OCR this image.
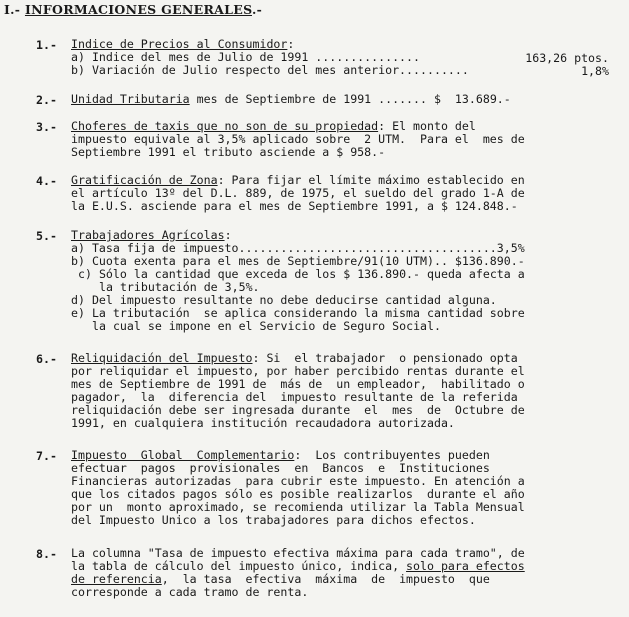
I.- INFORMACIONES GENERALES.-
1.- Indice de Precios al Consumidor:
a) Indice del mes de Julio de 1991 ...............	163,26 ptos.
b) Variación de Julio respecto del mes anterior..........	1,8%
2.- Unidad Tributaria mes de Septiembre de 1991 ....... $  13.689.-
3.- Choferes de taxis que no son de su propiedad: El monto del
impuesto equivale al 3,5% aplicado sobre  2 UTM.  Para el  mes de
Septiembre 1991 el tributo asciende a $ 958.-
4.- Gratificación de Zona: Para fijar el límite máximo establecido en
el artículo 13º del D.L. 889, de 1975, el sueldo del grado 1-A de
la E.U.S. asciende para el mes de Septiembre 1991, a $ 124.848.-
5.- Trabajadores Agrícolas:
a) Tasa fija de impuesto.....................................3,5%
b) Cuota exenta para el mes de Septiembre/91(10 UTM).. $136.890.-
c) Sólo la cantidad que exceda de los $ 136.890.- queda afecta a
la tributación de 3,5%.
d) Del impuesto resultante no debe deducirse cantidad alguna.
e) La tributación  se aplica considerando la misma cantidad sobre
la cual se impone en el Servicio de Seguro Social.
6.- Reliquidación del Impuesto: Si  el trabajador  o pensionado opta
por reliquidar el impuesto, por haber percibido rentas durante el
mes de Septiembre de 1991 de  más de  un empleador,  habilitado o
pagador,  la  diferencia del  impuesto resultante de la referida
reliquidación debe ser ingresada durante  el  mes  de  Octubre de
1991, en cualquiera institución recaudadora autorizada.
7.- Impuesto  Global  Complementario:  Los contribuyentes pueden
efectuar  pagos  provisionales  en  Bancos  e  Instituciones
Financieras autorizadas  para cubrir este impuesto. En atención a
que los citados pagos sólo es posible realizarlos  durante el año
por un  monto aproximado, se recomienda utilizar la Tabla Mensual
del Impuesto Unico a los trabajadores para dichos efectos.
8.- La columna "Tasa de impuesto efectiva máxima para cada tramo", de
la tabla de cálculo del impuesto único, indica, solo para efectos
de referencia,  la tasa  efectiva  máxima  de  impuesto  que
corresponde a cada tramo de renta.
